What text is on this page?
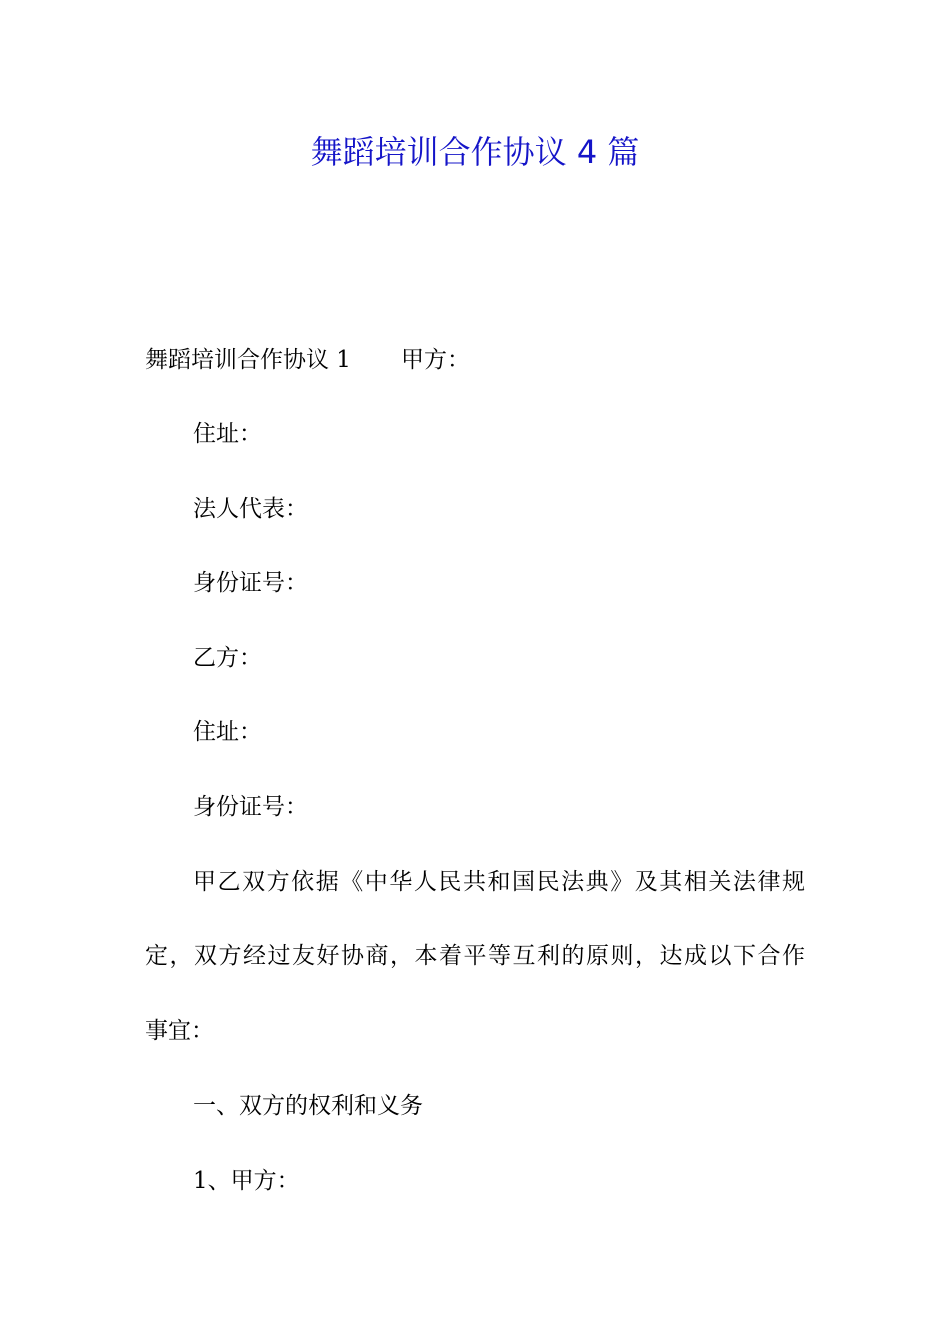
舞蹈培训合作协议 4 篇
舞蹈培训合作协议 1 甲方：
住址：
法人代表：
身份证号：
乙方：
住址：
身份证号：
甲乙双方依据《中华人民共和国民法典》及其相关法律规
定，双方经过友好协商，本着平等互利的原则，达成以下合作
事宜：
一、双方的权利和义务
1、甲方：
